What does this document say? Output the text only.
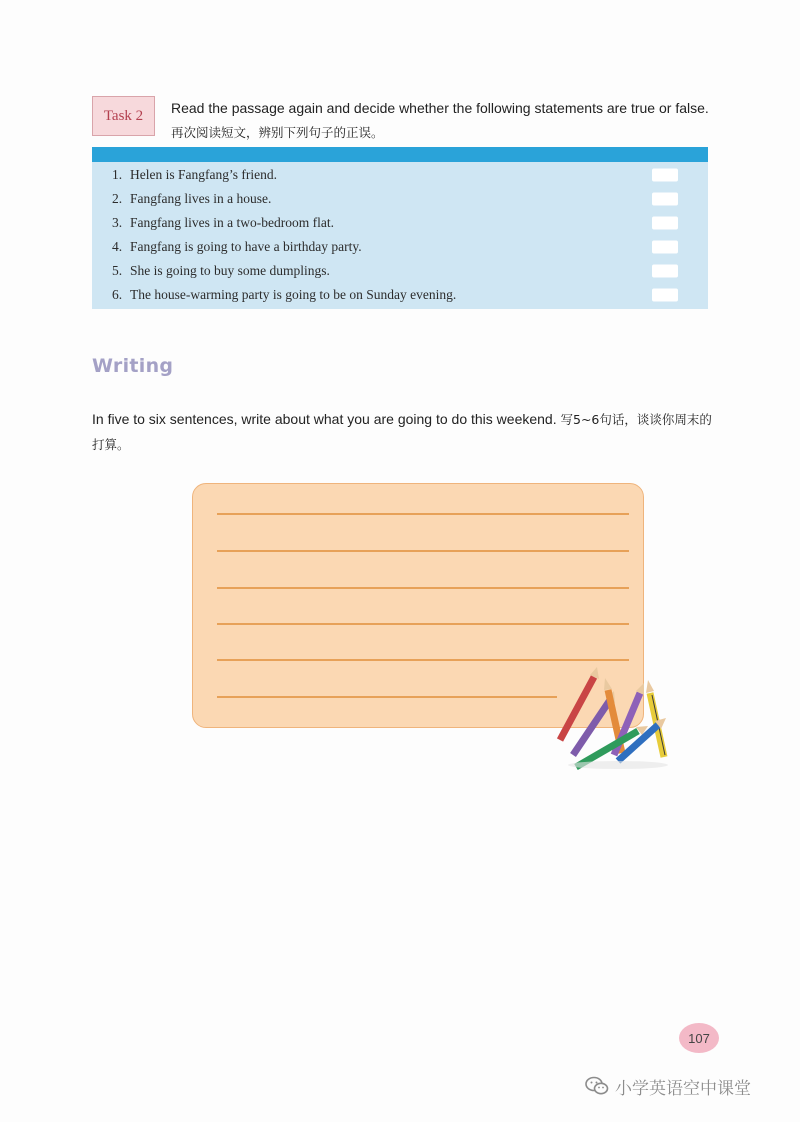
Task 2 Read the passage again and decide whether the following statements are true or false. 再次阅读短文，辨别下列句子的正误。
1. Helen is Fangfang’s friend.
2. Fangfang lives in a house.
3. Fangfang lives in a two-bedroom flat.
4. Fangfang is going to have a birthday party.
5. She is going to buy some dumplings.
6. The house-warming party is going to be on Sunday evening.
Writing
In five to six sentences, write about what you are going to do this weekend. 写5~6句话，谈谈你周末的打算。
107
小学英语空中课堂
